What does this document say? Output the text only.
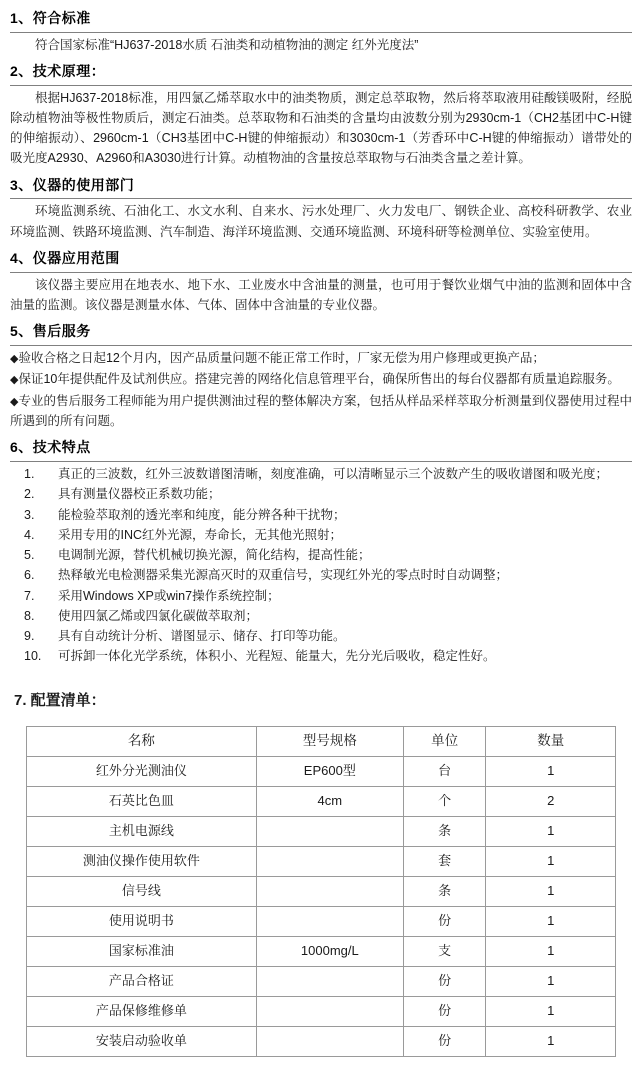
1、符合标准
符合国家标准“HJ637-2018水质 石油类和动植物油的测定 红外光度法”
2、技术原理：
根据HJ637-2018标准，用四氯乙烯萃取水中的油类物质，测定总萃取物，然后将萃取液用硅酸镁吸附，经脱除动植物油等极性物质后，测定石油类。总萃取物和石油类的含量均由波数分别为2930cm-1（CH2基团中C-H键的伸缩振动）、2960cm-1（CH3基团中C-H键的伸缩振动）和3030cm-1（芳香环中C-H键的伸缩振动）谱带处的吸光度A2930、A2960和A3030进行计算。动植物油的含量按总萃取物与石油类含量之差计算。
3、仪器的使用部门
环境监测系统、石油化工、水文水利、自来水、污水处理厂、火力发电厂、钢铁企业、高校科研教学、农业环境监测、铁路环境监测、汽车制造、海洋环境监测、交通环境监测、环境科研等检测单位、实验室使用。
4、仪器应用范围
该仪器主要应用在地表水、地下水、工业废水中含油量的测量，也可用于餐饮业烟气中油的监测和固体中含油量的监测。该仪器是测量水体、气体、固体中含油量的专业仪器。
5、售后服务
◆验收合格之日起12个月内，因产品质量问题不能正常工作时，厂家无偿为用户修理或更换产品；
◆保证10年提供配件及试剂供应。搭建完善的网络化信息管理平台，确保所售出的每台仪器都有质量追踪服务。
◆专业的售后服务工程师能为用户提供测油过程的整体解决方案，包括从样品采样萃取分析测量到仪器使用过程中所遇到的所有问题。
6、技术特点
真正的三波数，红外三波数谱图清晰，刻度准确，可以清晰显示三个波数产生的吸收谱图和吸光度；
具有测量仪器校正系数功能；
能检验萃取剂的透光率和纯度，能分辨各种干扰物；
采用专用的INC红外光源，寿命长，无其他光照射；
电调制光源，替代机械切换光源，简化结构，提高性能；
热释敏光电检测器采集光源高灭时的双重信号，实现红外光的零点时时自动调整；
采用Windows XP或win7操作系统控制；
使用四氯乙烯或四氯化碳做萃取剂；
具有自动统计分析、谱图显示、储存、打印等功能。
可拆卸一体化光学系统，体积小、光程短、能量大，先分光后吸收，稳定性好。
7. 配置清单：
名称	型号规格	单位	数量
红外分光测油仪	EP600型	台	1
石英比色皿	4cm	个	2
主机电源线		条	1
测油仪操作使用软件		套	1
信号线		条	1
使用说明书		份	1
国家标准油	1000mg/L	支	1
产品合格证		份	1
产品保修维修单		份	1
安装启动验收单		份	1
